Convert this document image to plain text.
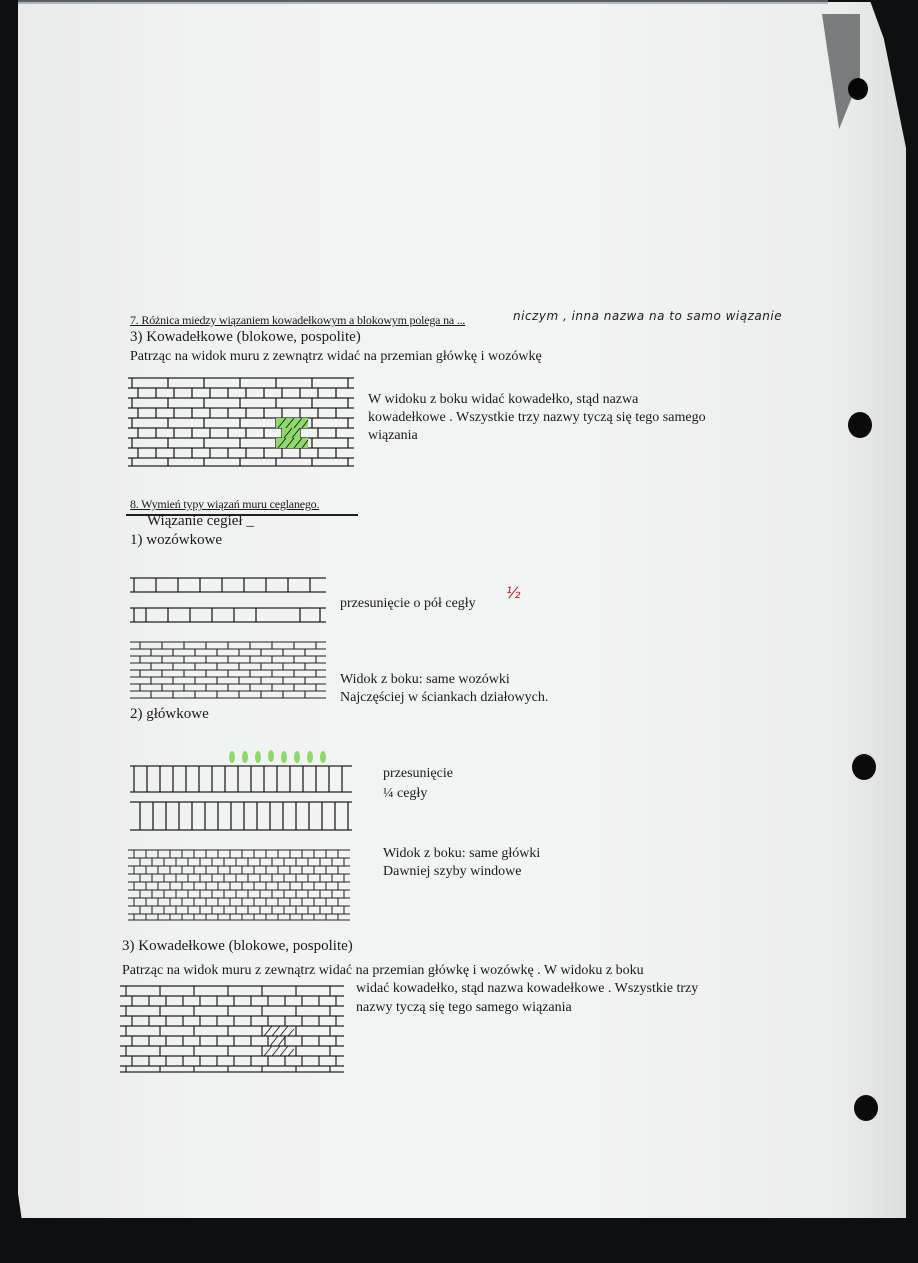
7. Różnica miedzy wiązaniem kowadełkowym a blokowym polega na ...	niczym , inna nazwa na to samo wiązanie
3) Kowadełkowe (blokowe, pospolite)
Patrząc na widok muru z zewnątrz widać na przemian główkę i wozówkę
W widoku z boku widać kowadełko, stąd nazwa
kowadełkowe . Wszystkie trzy nazwy tyczą się tego samego
wiązania
8. Wymień typy wiązań muru ceglanego.
Wiązanie cegieł _
1) wozówkowe
przesunięcie o pół cegły
½
Widok z boku: same wozówki
Najczęściej w ściankach działowych.
2) główkowe
przesunięcie
¼ cegły
Widok z boku: same główki
Dawniej szyby windowe
3) Kowadełkowe (blokowe, pospolite)
Patrząc na widok muru z zewnątrz widać na przemian główkę i wozówkę . W widoku z boku
widać kowadełko, stąd nazwa kowadełkowe . Wszystkie trzy
nazwy tyczą się tego samego wiązania
